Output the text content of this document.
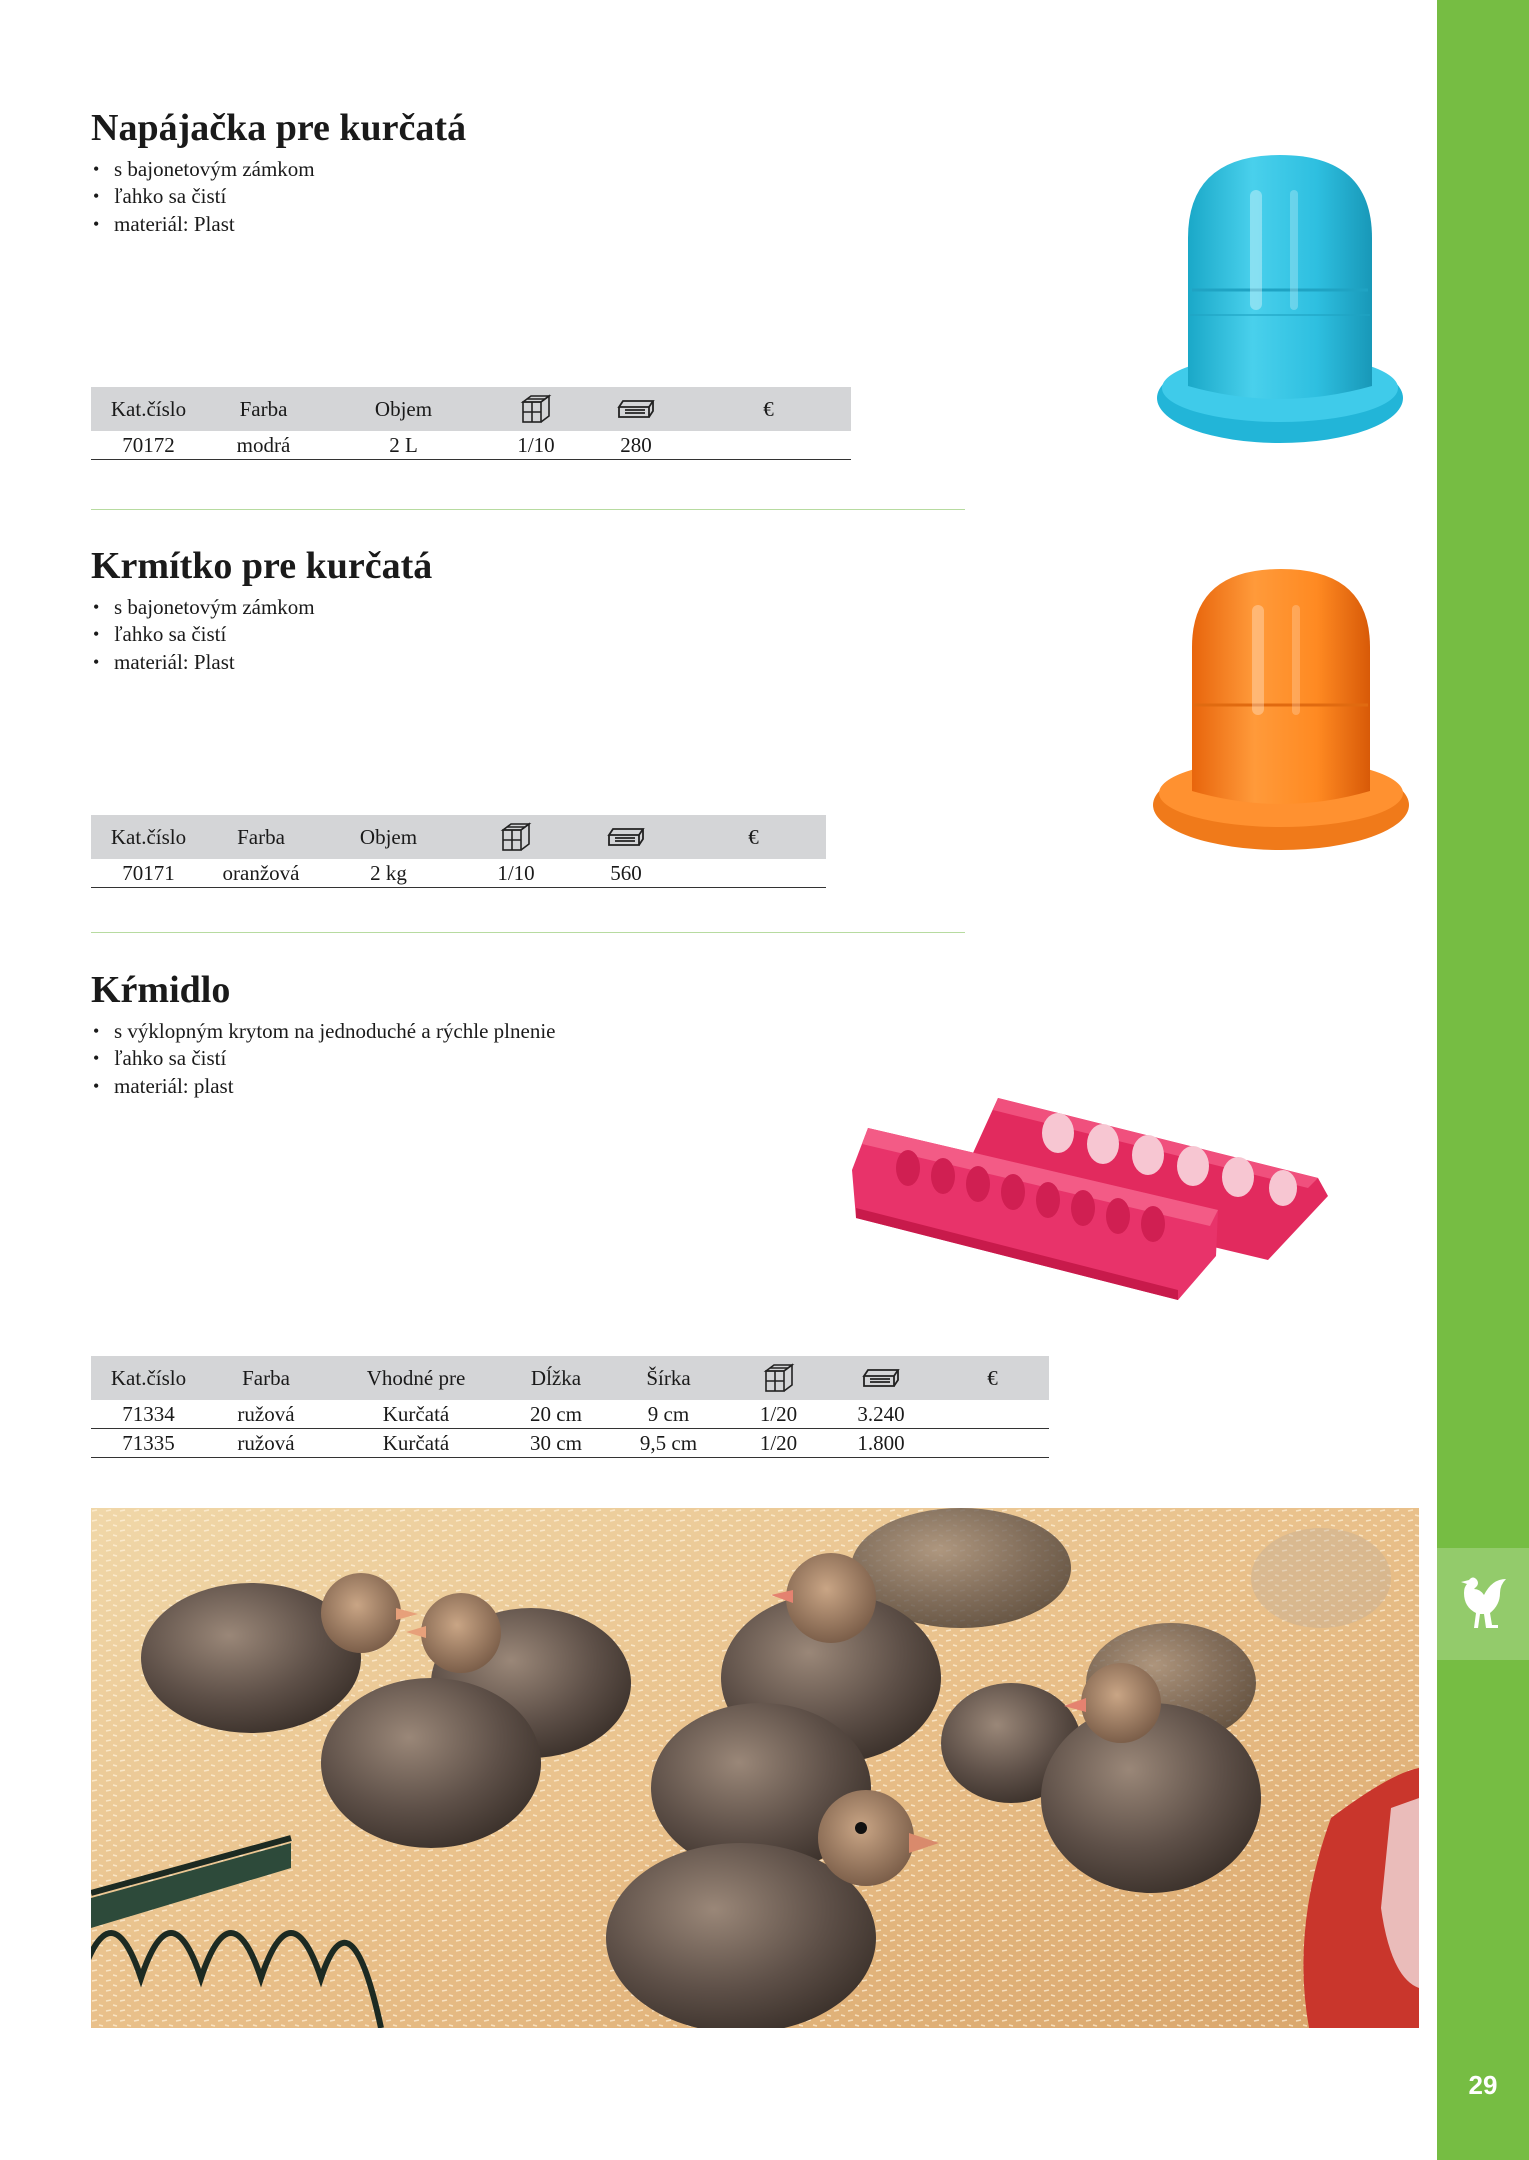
29
Napájačka pre kurčatá
• s bajonetovým zámkom
• ľahko sa čistí
• materiál: Plast
Kat.číslo	Farba	Objem			€
70172	modrá	2 L	1/10	280	
Krmítko pre kurčatá
• s bajonetovým zámkom
• ľahko sa čistí
• materiál: Plast
Kat.číslo	Farba	Objem			€
70171	oranžová	2 kg	1/10	560	
Kŕmidlo
• s výklopným krytom na jednoduché a rýchle plnenie
• ľahko sa čistí
• materiál: plast
Kat.číslo	Farba	Vhodné pre	Dĺžka	Šírka			€
71334	ružová	Kurčatá	20 cm	9 cm	1/20	3.240	
71335	ružová	Kurčatá	30 cm	9,5 cm	1/20	1.800	
